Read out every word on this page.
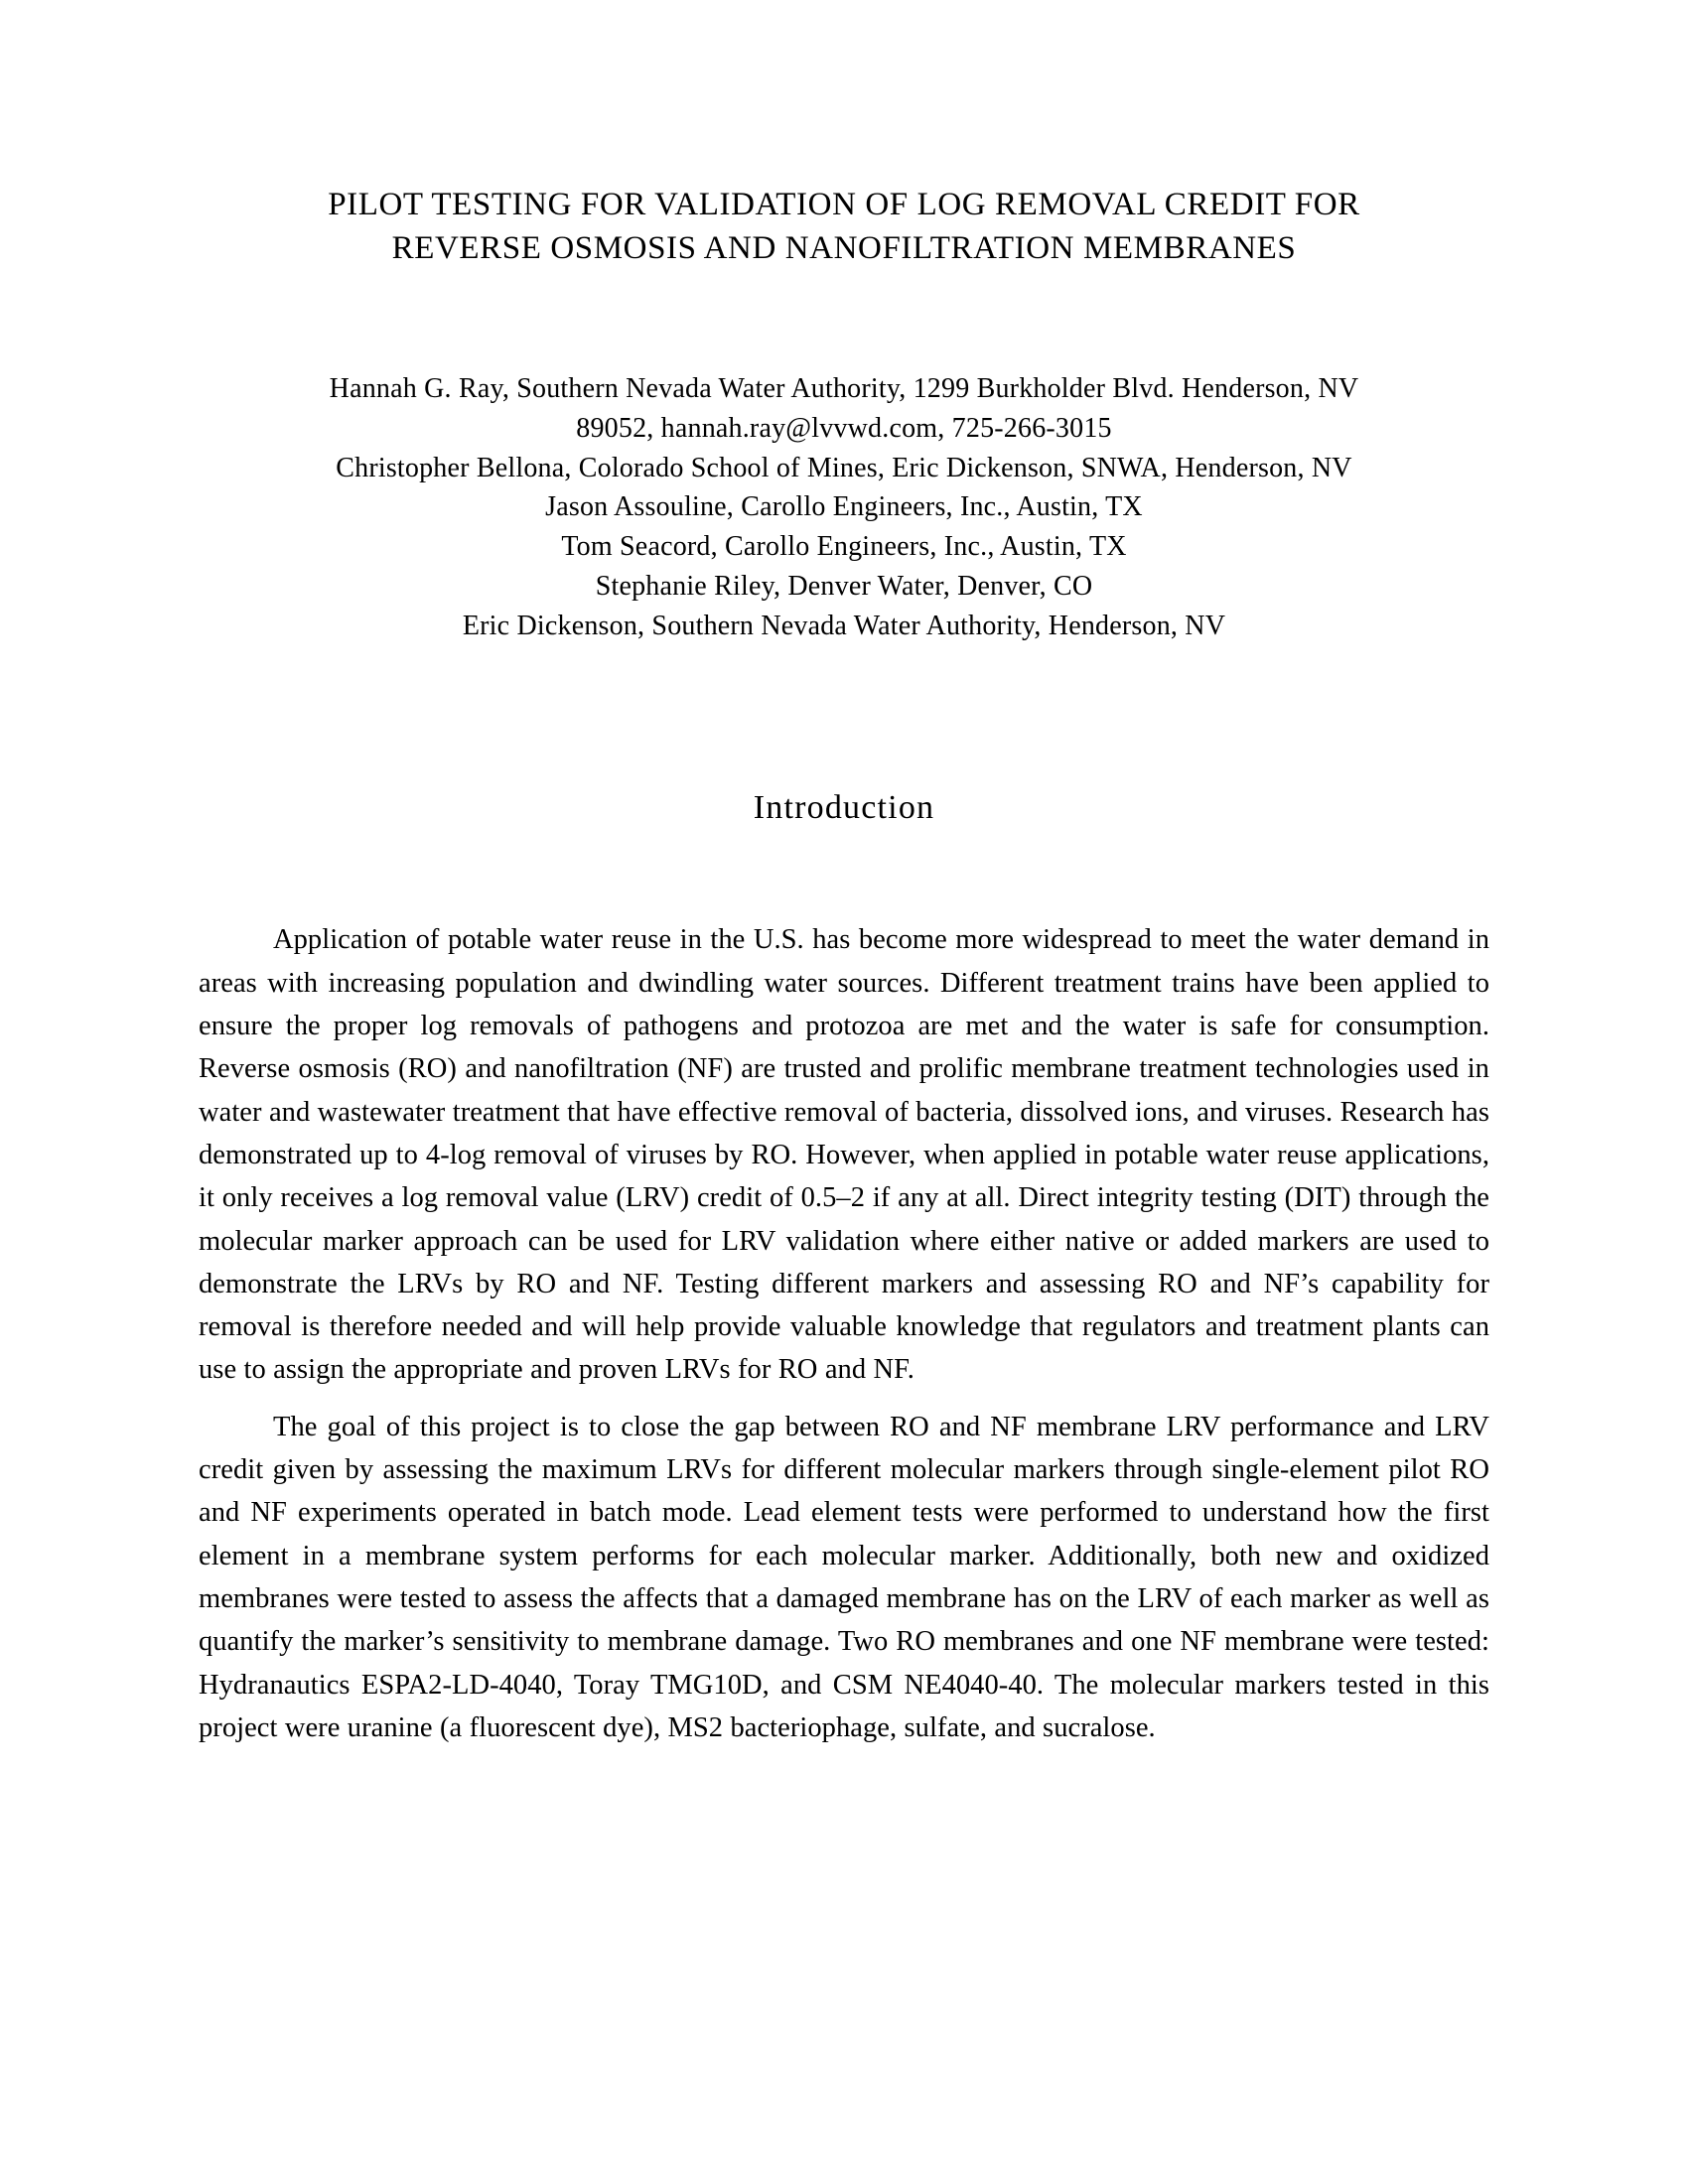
PILOT TESTING FOR VALIDATION OF LOG REMOVAL CREDIT FOR
REVERSE OSMOSIS AND NANOFILTRATION MEMBRANES
Hannah G. Ray, Southern Nevada Water Authority, 1299 Burkholder Blvd. Henderson, NV
89052, hannah.ray@lvvwd.com, 725-266-3015
Christopher Bellona, Colorado School of Mines, Eric Dickenson, SNWA, Henderson, NV
Jason Assouline, Carollo Engineers, Inc., Austin, TX
Tom Seacord, Carollo Engineers, Inc., Austin, TX
Stephanie Riley, Denver Water, Denver, CO
Eric Dickenson, Southern Nevada Water Authority, Henderson, NV
Introduction

Application of potable water reuse in the U.S. has become more widespread to meet the water demand in areas with increasing population and dwindling water sources. Different treatment trains have been applied to ensure the proper log removals of pathogens and protozoa are met and the water is safe for consumption. Reverse osmosis (RO) and nanofiltration (NF) are trusted and prolific membrane treatment technologies used in water and wastewater treatment that have effective removal of bacteria, dissolved ions, and viruses. Research has demonstrated up to 4-log removal of viruses by RO. However, when applied in potable water reuse applications, it only receives a log removal value (LRV) credit of 0.5–2 if any at all. Direct integrity testing (DIT) through the molecular marker approach can be used for LRV validation where either native or added markers are used to demonstrate the LRVs by RO and NF. Testing different markers and assessing RO and NF’s capability for removal is therefore needed and will help provide valuable knowledge that regulators and treatment plants can use to assign the appropriate and proven LRVs for RO and NF.

The goal of this project is to close the gap between RO and NF membrane LRV performance and LRV credit given by assessing the maximum LRVs for different molecular markers through single-element pilot RO and NF experiments operated in batch mode. Lead element tests were performed to understand how the first element in a membrane system performs for each molecular marker. Additionally, both new and oxidized membranes were tested to assess the affects that a damaged membrane has on the LRV of each marker as well as quantify the marker’s sensitivity to membrane damage. Two RO membranes and one NF membrane were tested: Hydranautics ESPA2-LD-4040, Toray TMG10D, and CSM NE4040-40. The molecular markers tested in this project were uranine (a fluorescent dye), MS2 bacteriophage, sulfate, and sucralose.
